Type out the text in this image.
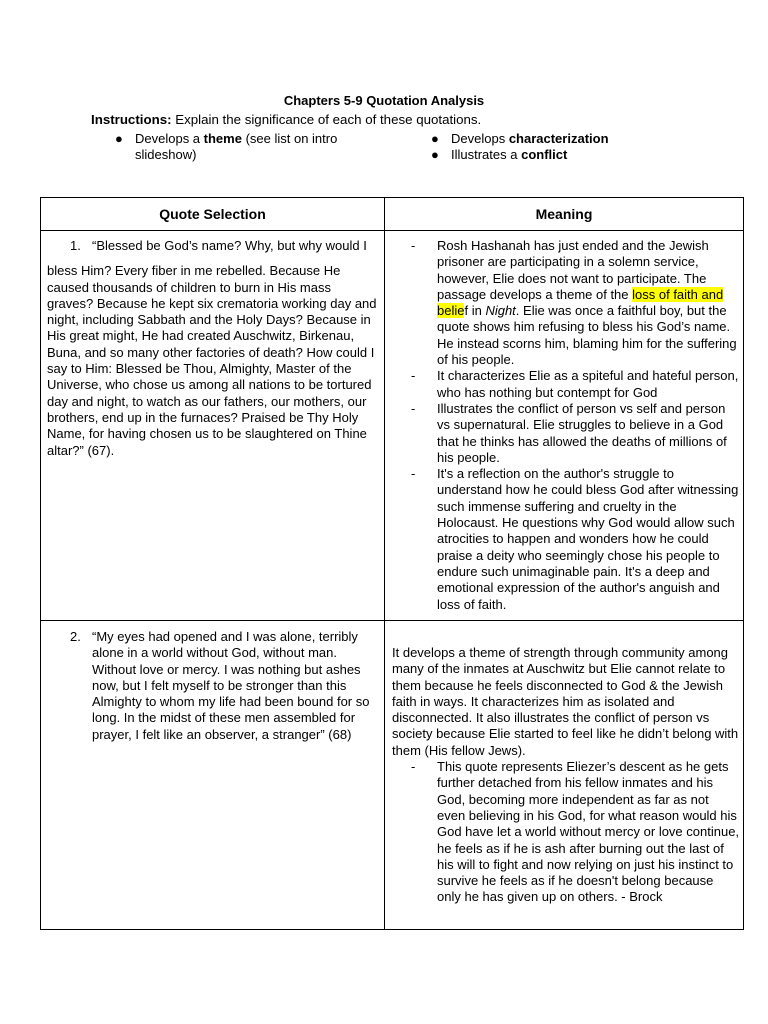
Chapters 5-9 Quotation Analysis
Instructions: Explain the significance of each of these quotations.

● Develops a theme (see list on intro slideshow)

● Develops characterization

● Illustrates a conflict

Quote Selection	Meaning
1. “Blessed be God’s name? Why, but why would I
bless Him? Every fiber in me rebelled. Because He caused thousands of children to burn in His mass graves? Because he kept six crematoria working day and night, including Sabbath and the Holy Days? Because in His great might, He had created Auschwitz, Birkenau, Buna, and so many other factories of death? How could I say to Him: Blessed be Thou, Almighty, Master of the Universe, who chose us among all nations to be tortured day and night, to watch as our fathers, our mothers, our brothers, end up in the furnaces? Praised be Thy Holy Name, for having chosen us to be slaughtered on Thine altar?” (67).
- Rosh Hashanah has just ended and the Jewish prisoner are participating in a solemn service, however, Elie does not want to participate. The passage develops a theme of the loss of faith and belief in Night. Elie was once a faithful boy, but the quote shows him refusing to bless his God’s name. He instead scorns him, blaming him for the suffering of his people.
- It characterizes Elie as a spiteful and hateful person, who has nothing but contempt for God
- Illustrates the conflict of person vs self and person vs supernatural. Elie struggles to believe in a God that he thinks has allowed the deaths of millions of his people.
- It's a reflection on the author's struggle to understand how he could bless God after witnessing such immense suffering and cruelty in the Holocaust. He questions why God would allow such atrocities to happen and wonders how he could praise a deity who seemingly chose his people to endure such unimaginable pain. It's a deep and emotional expression of the author's anguish and loss of faith.
2. “My eyes had opened and I was alone, terribly alone in a world without God, without man. Without love or mercy. I was nothing but ashes now, but I felt myself to be stronger than this Almighty to whom my life had been bound for so long. In the midst of these men assembled for prayer, I felt like an observer, a stranger” (68)
It develops a theme of strength through community among many of the inmates at Auschwitz but Elie cannot relate to them because he feels disconnected to God & the Jewish faith in ways. It characterizes him as isolated and disconnected. It also illustrates the conflict of person vs society because Elie started to feel like he didn’t belong with them (His fellow Jews).
- This quote represents Eliezer’s descent as he gets further detached from his fellow inmates and his God, becoming more independent as far as not even believing in his God, for what reason would his God have let a world without mercy or love continue, he feels as if he is ash after burning out the last of his will to fight and now relying on just his instinct to survive he feels as if he doesn't belong because only he has given up on others. - Brock
